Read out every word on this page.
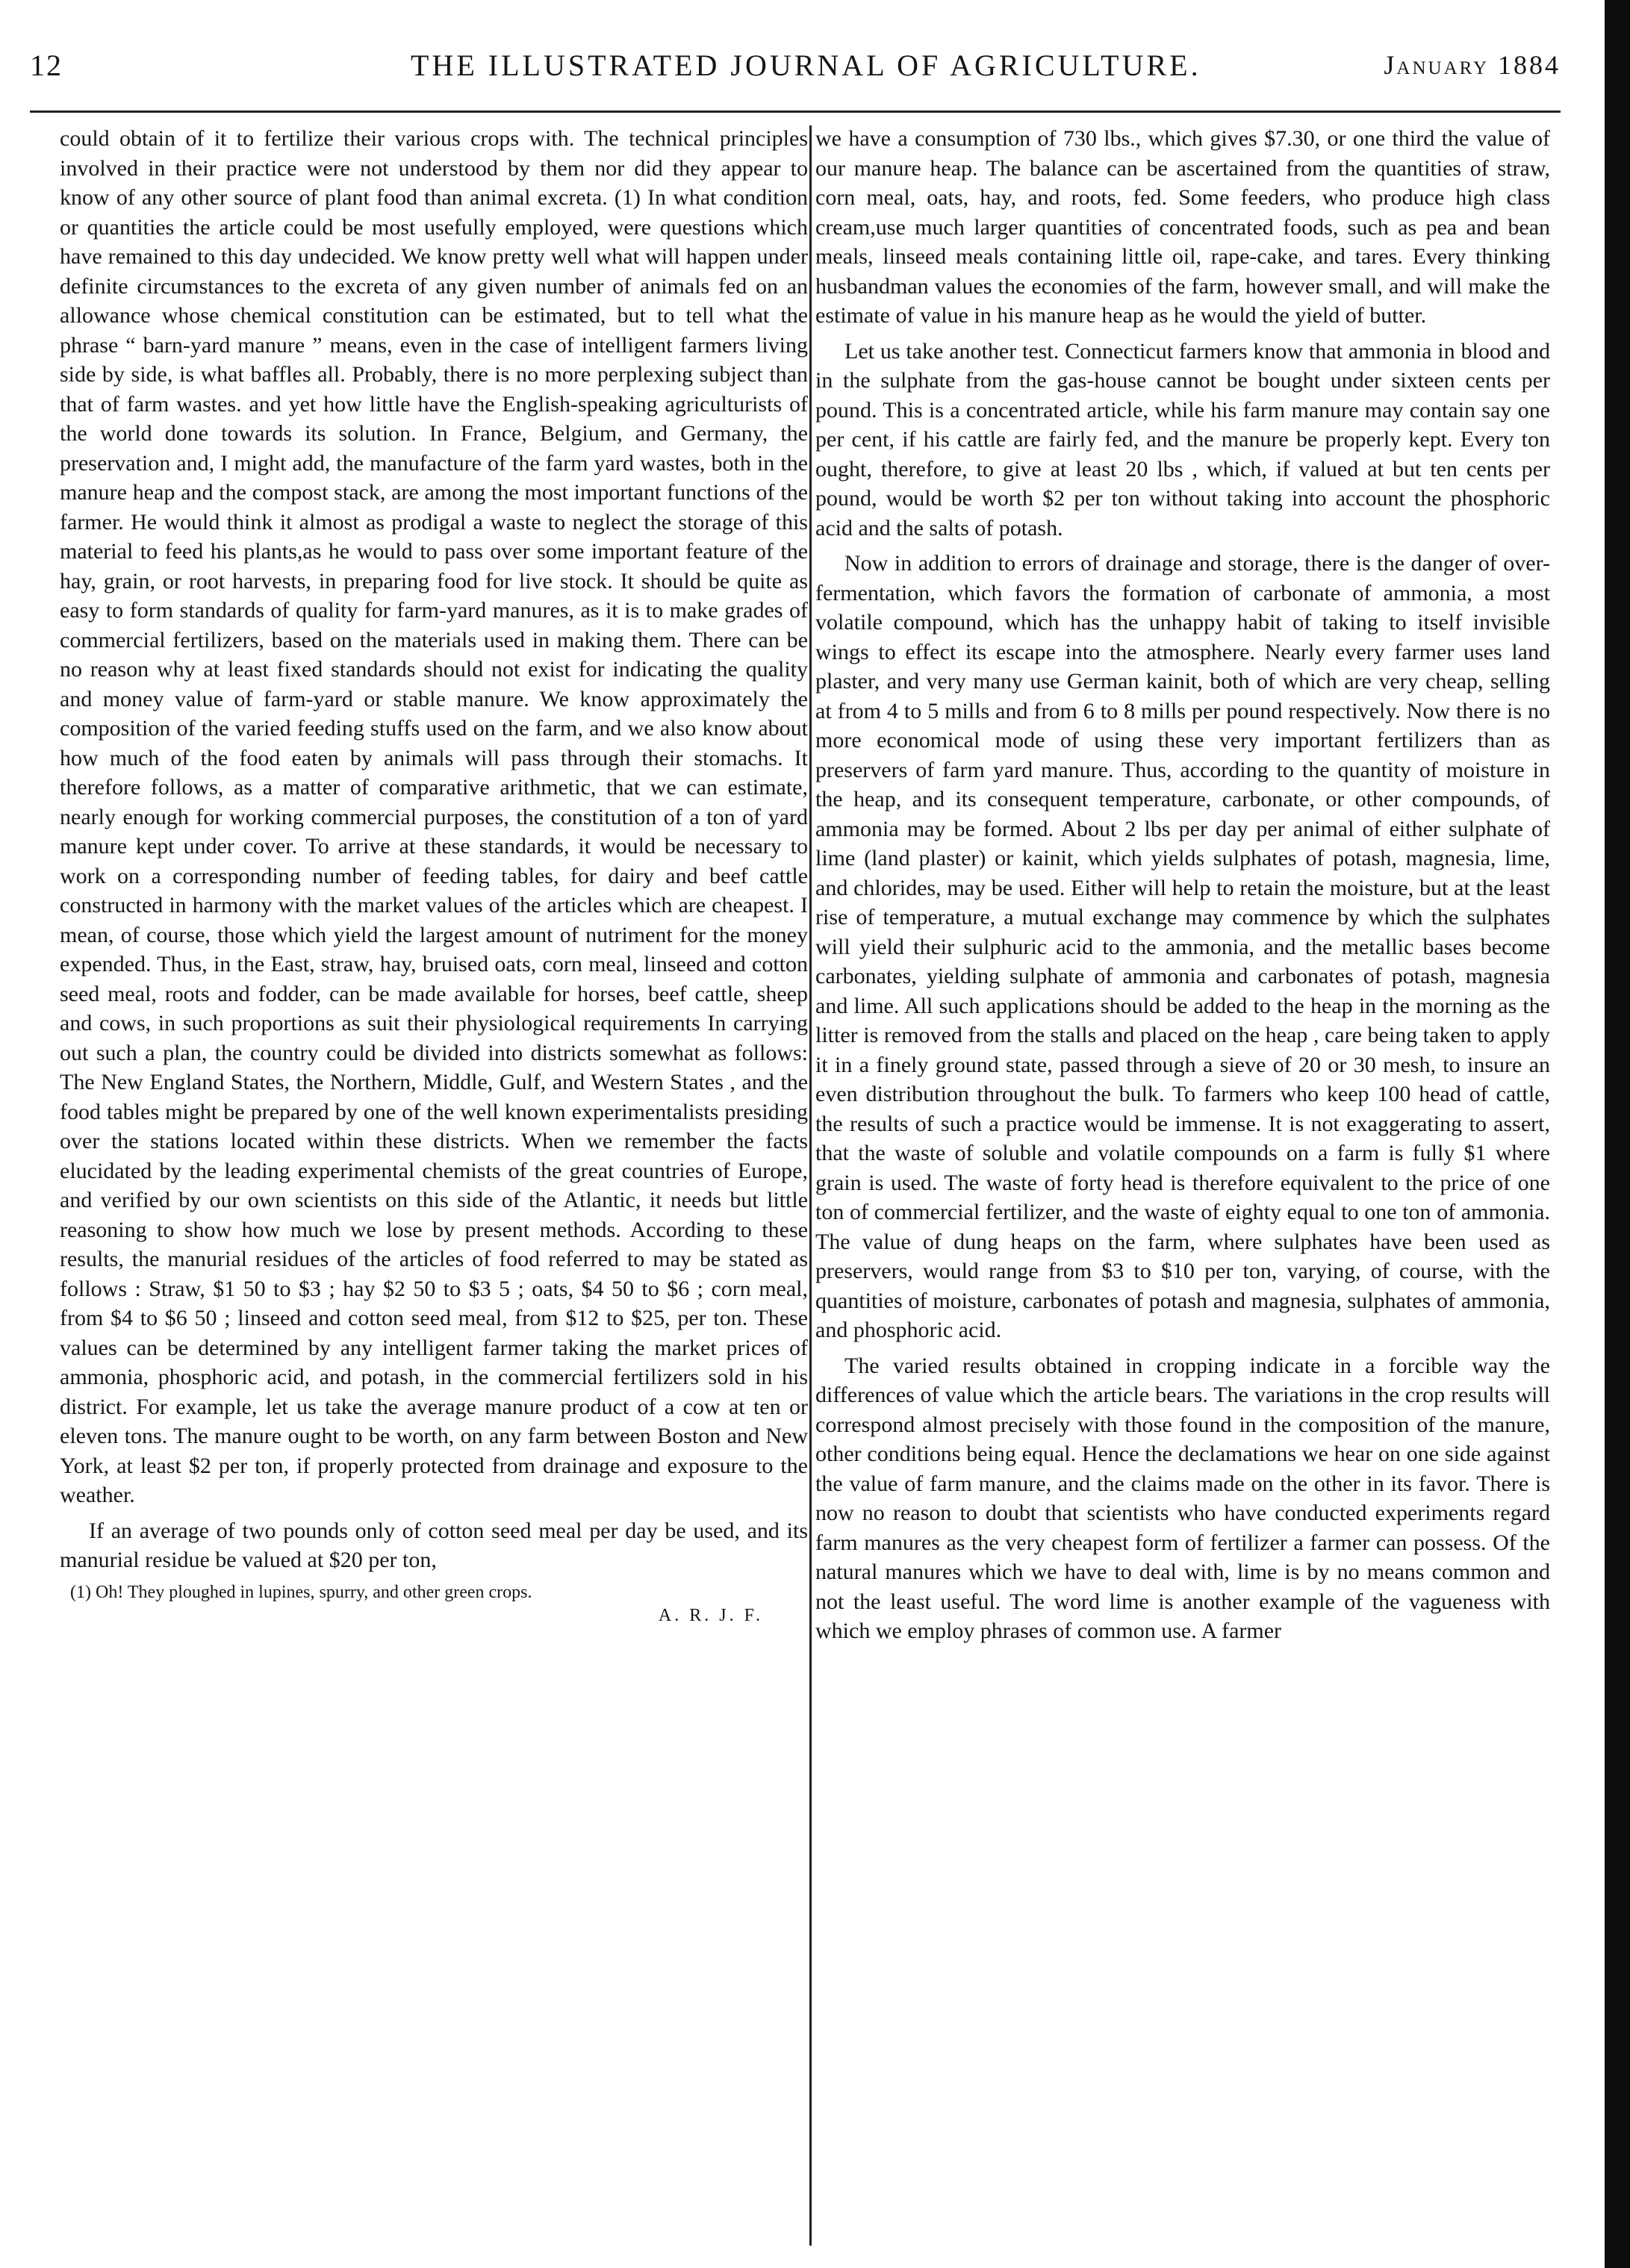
12	THE ILLUSTRATED JOURNAL OF AGRICULTURE.	January 1884

could obtain of it to fertilize their various crops with. The technical principles involved in their practice were not understood by them nor did they appear to know of any other source of plant food than animal excreta. (1) In what condition or quantities the article could be most usefully employed, were questions which have remained to this day undecided. We know pretty well what will happen under definite circumstances to the excreta of any given number of animals fed on an allowance whose chemical constitution can be estimated, but to tell what the phrase “ barn-yard manure ” means, even in the case of intelligent farmers living side by side, is what baffles all. Probably, there is no more perplexing subject than that of farm wastes. and yet how little have the English-speaking agriculturists of the world done towards its solution. In France, Belgium, and Germany, the preservation and, I might add, the manufacture of the farm yard wastes, both in the manure heap and the compost stack, are among the most important functions of the farmer. He would think it almost as prodigal a waste to neglect the storage of this material to feed his plants,as he would to pass over some important feature of the hay, grain, or root harvests, in preparing food for live stock. It should be quite as easy to form standards of quality for farm-yard manures, as it is to make grades of commercial fertilizers, based on the materials used in making them. There can be no reason why at least fixed standards should not exist for indicating the quality and money value of farm-yard or stable manure. We know approximately the composition of the varied feeding stuffs used on the farm, and we also know about how much of the food eaten by animals will pass through their stomachs. It therefore follows, as a matter of comparative arithmetic, that we can estimate, nearly enough for working commercial purposes, the constitution of a ton of yard manure kept under cover. To arrive at these standards, it would be necessary to work on a corresponding number of feeding tables, for dairy and beef cattle constructed in harmony with the market values of the articles which are cheapest. I mean, of course, those which yield the largest amount of nutriment for the money expended. Thus, in the East, straw, hay, bruised oats, corn meal, linseed and cotton seed meal, roots and fodder, can be made available for horses, beef cattle, sheep and cows, in such proportions as suit their physiological requirements In carrying out such a plan, the country could be divided into districts somewhat as follows: The New England States, the Northern, Middle, Gulf, and Western States , and the food tables might be prepared by one of the well known experimentalists presiding over the stations located within these districts. When we remember the facts elucidated by the leading experimental chemists of the great countries of Europe, and verified by our own scientists on this side of the Atlantic, it needs but little reasoning to show how much we lose by present methods. According to these results, the manurial residues of the articles of food referred to may be stated as follows : Straw, $1 50 to $3 ; hay $2 50 to $3 5 ; oats, $4 50 to $6 ; corn meal, from $4 to $6 50 ; linseed and cotton seed meal, from $12 to $25, per ton. These values can be determined by any intelligent farmer taking the market prices of ammonia, phosphoric acid, and potash, in the commercial fertilizers sold in his district. For example, let us take the average manure product of a cow at ten or eleven tons. The manure ought to be worth, on any farm between Boston and New York, at least $2 per ton, if properly protected from drainage and exposure to the weather.

If an average of two pounds only of cotton seed meal per day be used, and its manurial residue be valued at $20 per ton,

(1) Oh! They ploughed in lupines, spurry, and other green crops.
A. R. J. F.

we have a consumption of 730 lbs., which gives $7.30, or one third the value of our manure heap. The balance can be ascertained from the quantities of straw, corn meal, oats, hay, and roots, fed. Some feeders, who produce high class cream,use much larger quantities of concentrated foods, such as pea and bean meals, linseed meals containing little oil, rape-cake, and tares. Every thinking husbandman values the economies of the farm, however small, and will make the estimate of value in his manure heap as he would the yield of butter.

Let us take another test. Connecticut farmers know that ammonia in blood and in the sulphate from the gas-house cannot be bought under sixteen cents per pound. This is a concentrated article, while his farm manure may contain say one per cent, if his cattle are fairly fed, and the manure be properly kept. Every ton ought, therefore, to give at least 20 lbs , which, if valued at but ten cents per pound, would be worth $2 per ton without taking into account the phosphoric acid and the salts of potash.

Now in addition to errors of drainage and storage, there is the danger of over-fermentation, which favors the formation of carbonate of ammonia, a most volatile compound, which has the unhappy habit of taking to itself invisible wings to effect its escape into the atmosphere. Nearly every farmer uses land plaster, and very many use German kainit, both of which are very cheap, selling at from 4 to 5 mills and from 6 to 8 mills per pound respectively. Now there is no more economical mode of using these very important fertilizers than as preservers of farm yard manure. Thus, according to the quantity of moisture in the heap, and its consequent temperature, carbonate, or other compounds, of ammonia may be formed. About 2 lbs per day per animal of either sulphate of lime (land plaster) or kainit, which yields sulphates of potash, magnesia, lime, and chlorides, may be used. Either will help to retain the moisture, but at the least rise of temperature, a mutual exchange may commence by which the sulphates will yield their sulphuric acid to the ammonia, and the metallic bases become carbonates, yielding sulphate of ammonia and carbonates of potash, magnesia and lime. All such applications should be added to the heap in the morning as the litter is removed from the stalls and placed on the heap , care being taken to apply it in a finely ground state, passed through a sieve of 20 or 30 mesh, to insure an even distribution throughout the bulk. To farmers who keep 100 head of cattle, the results of such a practice would be immense. It is not exaggerating to assert, that the waste of soluble and volatile compounds on a farm is fully $1 where grain is used. The waste of forty head is therefore equivalent to the price of one ton of commercial fertilizer, and the waste of eighty equal to one ton of ammonia. The value of dung heaps on the farm, where sulphates have been used as preservers, would range from $3 to $10 per ton, varying, of course, with the quantities of moisture, carbonates of potash and magnesia, sulphates of ammonia, and phosphoric acid.

The varied results obtained in cropping indicate in a forcible way the differences of value which the article bears. The variations in the crop results will correspond almost precisely with those found in the composition of the manure, other conditions being equal. Hence the declamations we hear on one side against the value of farm manure, and the claims made on the other in its favor. There is now no reason to doubt that scientists who have conducted experiments regard farm manures as the very cheapest form of fertilizer a farmer can possess. Of the natural manures which we have to deal with, lime is by no means common and not the least useful. The word lime is another example of the vagueness with which we employ phrases of common use. A farmer
